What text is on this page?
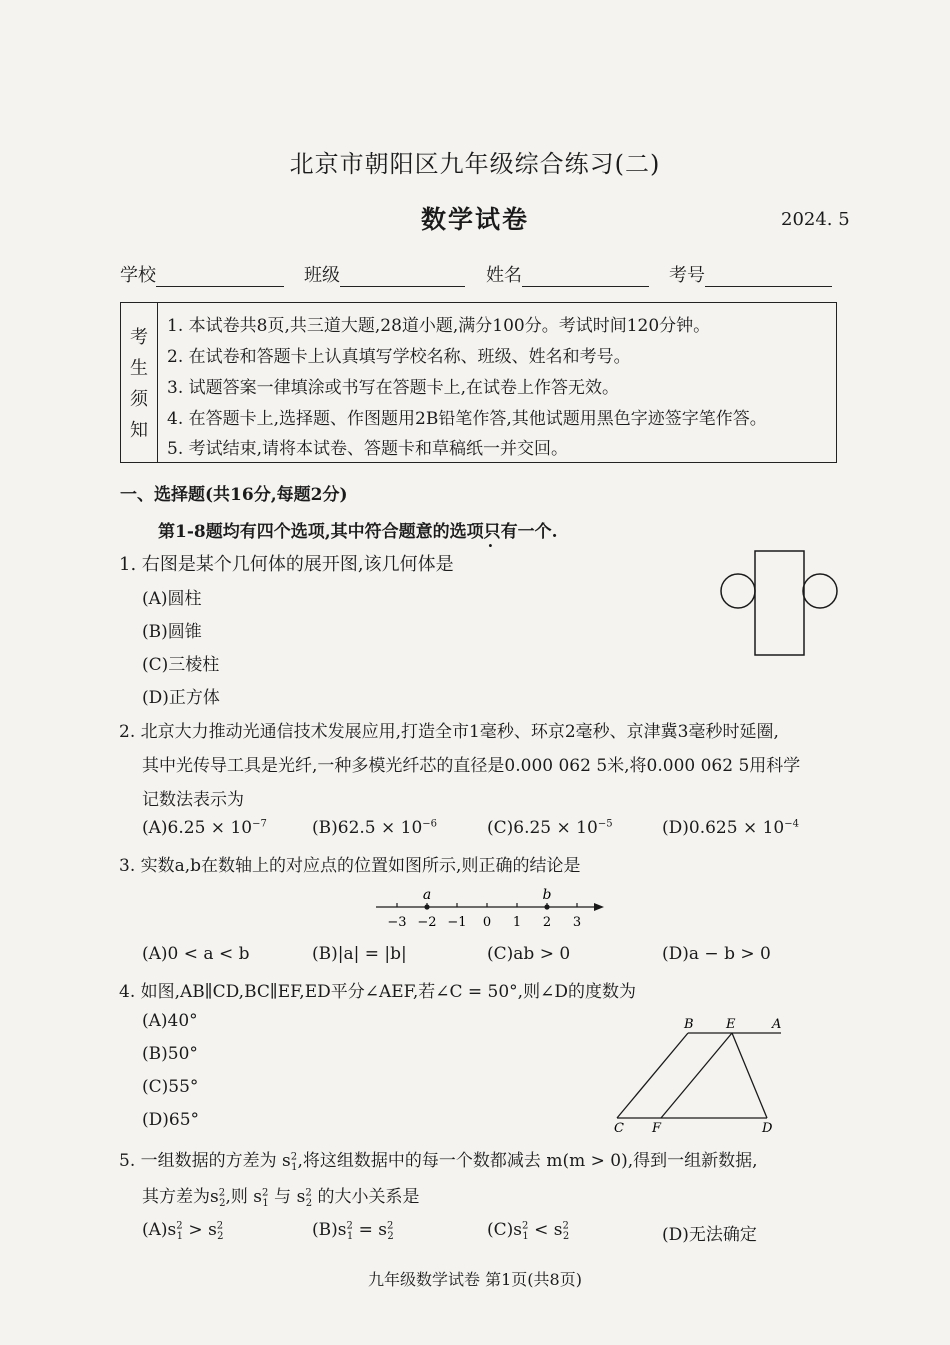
北京市朝阳区九年级综合练习(二)
数学试卷	2024. 5
学校	班级	姓名	考号
考
生
须
知
1. 本试卷共8页,共三道大题,28道小题,满分100分。考试时间120分钟。
2. 在试卷和答题卡上认真填写学校名称、班级、姓名和考号。
3. 试题答案一律填涂或书写在答题卡上,在试卷上作答无效。
4. 在答题卡上,选择题、作图题用2B铅笔作答,其他试题用黑色字迹签字笔作答。
5. 考试结束,请将本试卷、答题卡和草稿纸一并交回。
一、选择题(共16分,每题2分)
第1-8题均有四个选项,其中符合题意的选项只有一个.
1. 右图是某个几何体的展开图,该几何体是
(A)圆柱
(B)圆锥
(C)三棱柱
(D)正方体
2. 北京大力推动光通信技术发展应用,打造全市1毫秒、环京2毫秒、京津冀3毫秒时延圈,
其中光传导工具是光纤,一种多模光纤芯的直径是0.000 062 5米,将0.000 062 5用科学
记数法表示为
$(A)6.25 \times 10^{-7}$	$(B)62.5 \times 10^{-6}$	$(C)6.25 \times 10^{-5}$	$(D)0.625 \times 10^{-4}$
3. 实数a,b在数轴上的对应点的位置如图所示,则正确的结论是
−3 −2 −1 0 1 2 3
a	b
(A)0 < a < b	(B)|a| = |b|	(C)ab > 0	(D)a − b > 0
4. 如图,AB∥CD,BC∥EF,ED平分∠AEF,若∠C = 50°,则∠D的度数为
(A)40°
(B)50°
(C)55°
(D)65°
B E	A
C F	D
5. 一组数据的方差为 $s^2_1$,将这组数据中的每一个数都减去 m(m > 0),得到一组新数据,
其方差为$s^2_2$,则 $s^2_1$ 与 $s^2_2$ 的大小关系是
$(A)s^2_1 > s^2_2$	$(B)s^2_1 = s^2_2$	$(C)s^2_1 < s^2_2$	(D)无法确定
九年级数学试卷 第1页(共8页)
